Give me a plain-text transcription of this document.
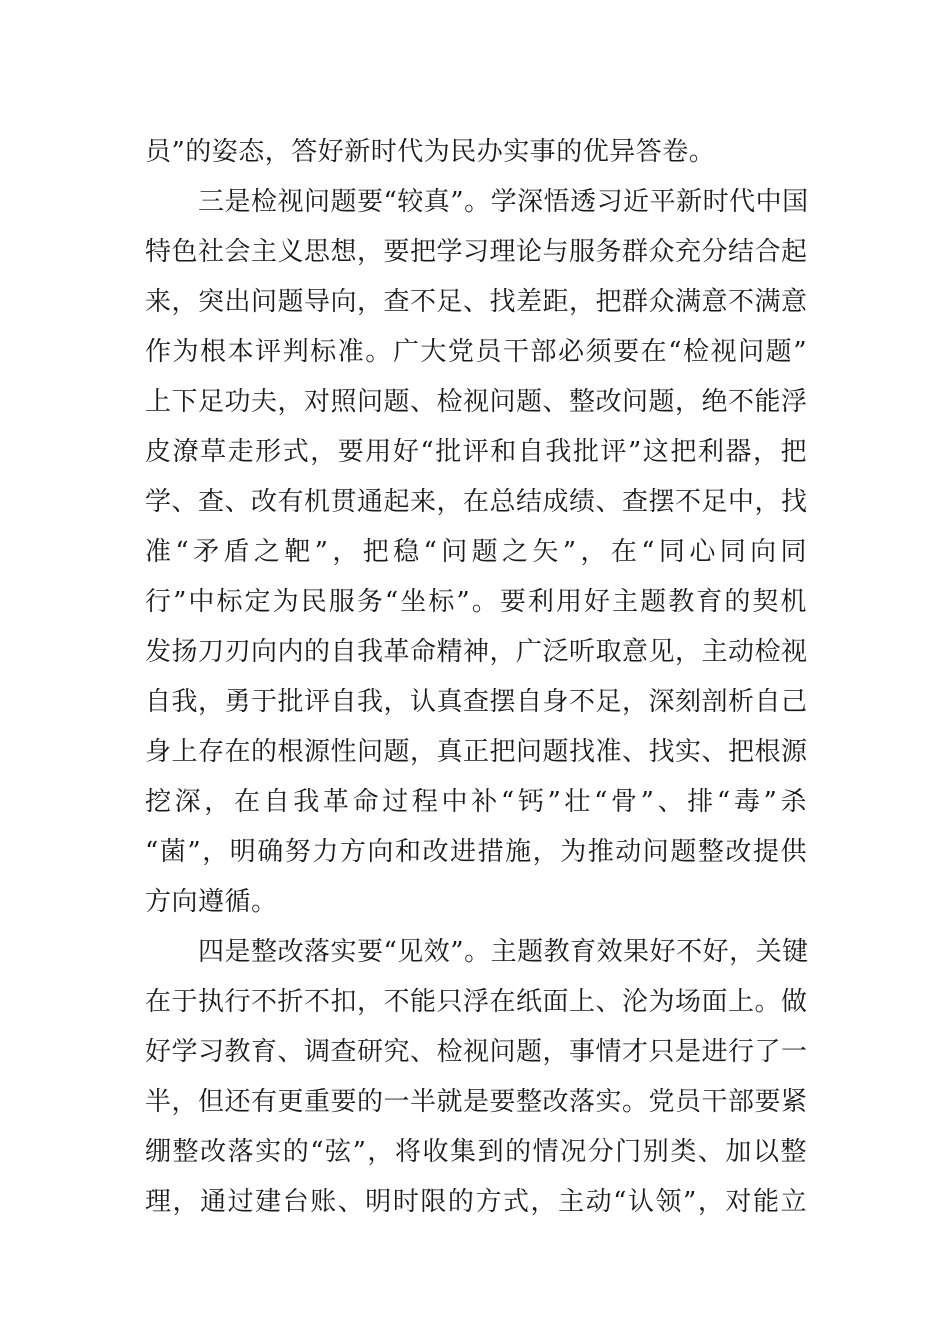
员”的姿态，答好新时代为民办实事的优异答卷。
　　三是检视问题要“较真”。学深悟透习近平新时代中国
特色社会主义思想，要把学习理论与服务群众充分结合起
来，突出问题导向，查不足、找差距，把群众满意不满意
作为根本评判标准。广大党员干部必须要在“检视问题”
上下足功夫，对照问题、检视问题、整改问题，绝不能浮
皮潦草走形式，要用好“批评和自我批评”这把利器，把
学、查、改有机贯通起来，在总结成绩、查摆不足中，找
准“矛盾之靶”，把稳“问题之矢”，在“同心同向同
行”中标定为民服务“坐标”。要利用好主题教育的契机
发扬刀刃向内的自我革命精神，广泛听取意见，主动检视
自我，勇于批评自我，认真查摆自身不足，深刻剖析自己
身上存在的根源性问题，真正把问题找准、找实、把根源
挖深，在自我革命过程中补“钙”壮“骨”、排“毒”杀
“菌”，明确努力方向和改进措施，为推动问题整改提供
方向遵循。
　　四是整改落实要“见效”。主题教育效果好不好，关键
在于执行不折不扣，不能只浮在纸面上、沦为场面上。做
好学习教育、调查研究、检视问题，事情才只是进行了一
半，但还有更重要的一半就是要整改落实。党员干部要紧
绷整改落实的“弦”，将收集到的情况分门别类、加以整
理，通过建台账、明时限的方式，主动“认领”，对能立
